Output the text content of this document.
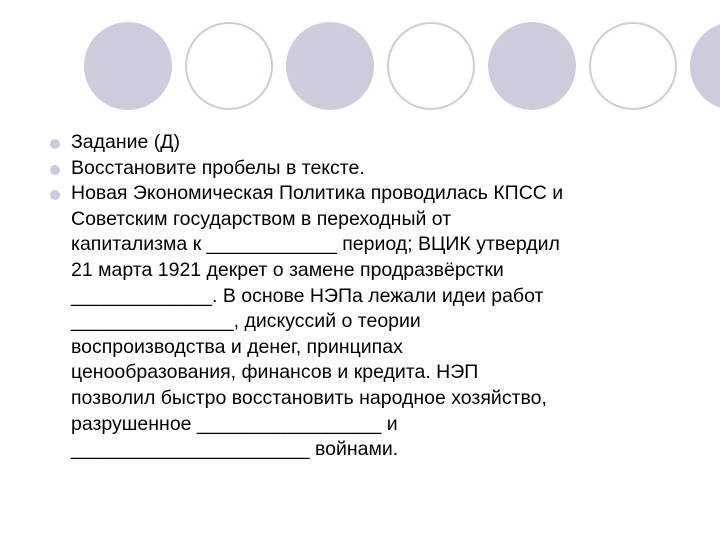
Задание (Д)
Восстановите пробелы в тексте.
Новая Экономическая Политика проводилась КПСС и
Советским государством в переходный от
капитализма к ____________ период; ВЦИК утвердил
21 марта 1921 декрет о замене продразвёрстки
_____________. В основе НЭПа лежали идеи работ
_______________, дискуссий о теории
воспроизводства и денег, принципах
ценообразования, финансов и кредита. НЭП
позволил быстро восстановить народное хозяйство,
разрушенное _________________ и
______________________ войнами.
